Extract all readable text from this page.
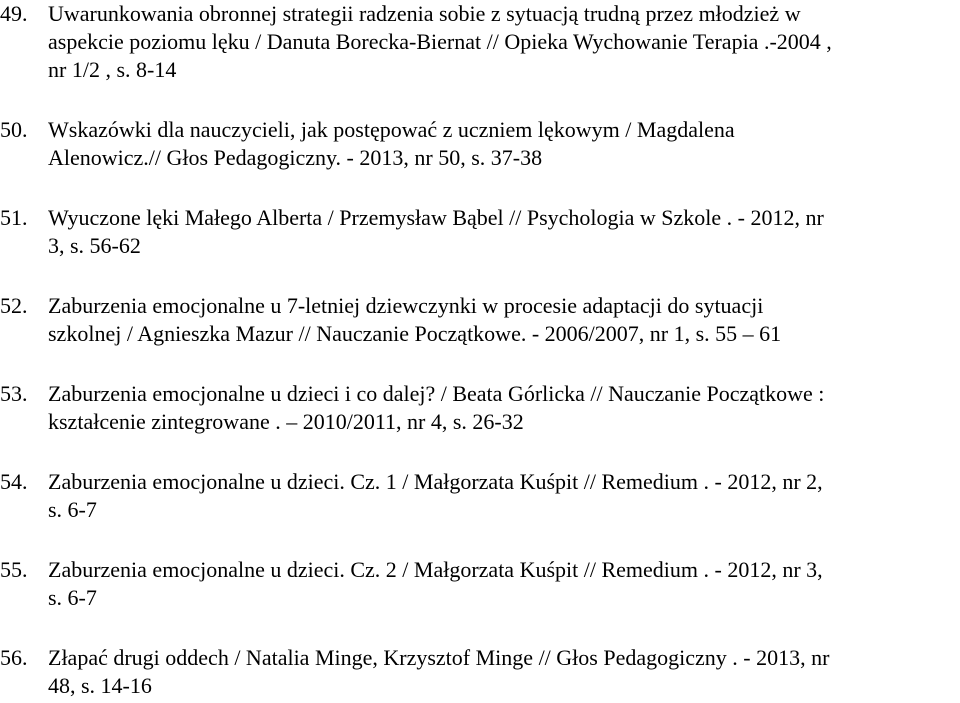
49. Uwarunkowania obronnej strategii radzenia sobie z sytuacją trudną przez młodzież w
aspekcie poziomu lęku / Danuta Borecka-Biernat // Opieka Wychowanie Terapia .-2004 ,
nr 1/2 , s. 8-14
50. Wskazówki dla nauczycieli, jak postępować z uczniem lękowym / Magdalena
Alenowicz.// Głos Pedagogiczny. - 2013, nr 50, s. 37-38
51. Wyuczone lęki Małego Alberta / Przemysław Bąbel // Psychologia w Szkole . - 2012, nr
3, s. 56-62
52. Zaburzenia emocjonalne u 7-letniej dziewczynki w procesie adaptacji do sytuacji
szkolnej / Agnieszka Mazur // Nauczanie Początkowe. - 2006/2007, nr 1, s. 55 – 61
53. Zaburzenia emocjonalne u dzieci i co dalej? / Beata Górlicka // Nauczanie Początkowe :
kształcenie zintegrowane . – 2010/2011, nr 4, s. 26-32
54. Zaburzenia emocjonalne u dzieci. Cz. 1 / Małgorzata Kuśpit // Remedium . - 2012, nr 2,
s. 6-7
55. Zaburzenia emocjonalne u dzieci. Cz. 2 / Małgorzata Kuśpit // Remedium . - 2012, nr 3,
s. 6-7
56. Złapać drugi oddech / Natalia Minge, Krzysztof Minge // Głos Pedagogiczny . - 2013, nr
48, s. 14-16
